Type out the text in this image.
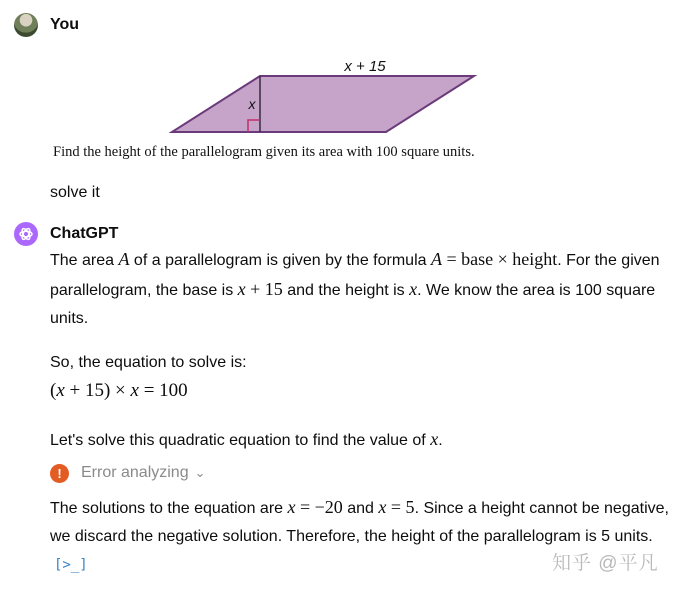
You
x + 15
x
Find the height of the parallelogram given its area with 100 square units.
solve it
ChatGPT
The area A of a parallelogram is given by the formula A = base × height. For the given parallelogram, the base is x + 15 and the height is x. We know the area is 100 square units.
So, the equation to solve is:
(x + 15) × x = 100
Let's solve this quadratic equation to find the value of x.
!	Error analyzing ⌄
The solutions to the equation are x = −20 and x = 5. Since a height cannot be negative, we discard the negative solution. Therefore, the height of the parallelogram is 5 units.[>_]	知乎 @平凡
